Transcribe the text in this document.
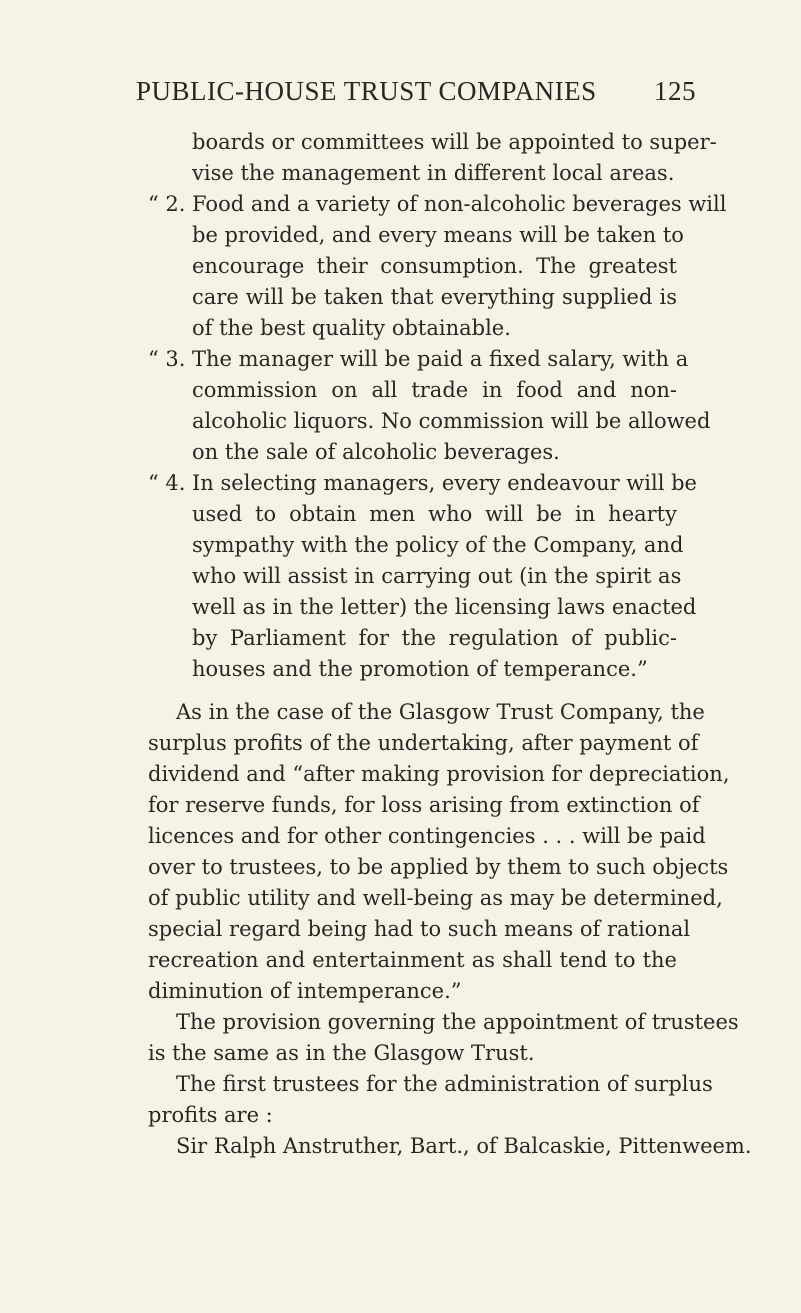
PUBLIC-HOUSE TRUST COMPANIES 125
boards or committees will be appointed to super-
vise the management in different local areas.
“ 2. Food and a variety of non-alcoholic beverages will
be provided, and every means will be taken to
encourage their consumption. The greatest
care will be taken that everything supplied is
of the best quality obtainable.
“ 3. The manager will be paid a fixed salary, with a
commission on all trade in food and non-
alcoholic liquors. No commission will be allowed
on the sale of alcoholic beverages.
“ 4. In selecting managers, every endeavour will be
used to obtain men who will be in hearty
sympathy with the policy of the Company, and
who will assist in carrying out (in the spirit as
well as in the letter) the licensing laws enacted
by Parliament for the regulation of public-
houses and the promotion of temperance.”
As in the case of the Glasgow Trust Company, the
surplus profits of the undertaking, after payment of
dividend and “after making provision for depreciation,
for reserve funds, for loss arising from extinction of
licences and for other contingencies . . . will be paid
over to trustees, to be applied by them to such objects
of public utility and well-being as may be determined,
special regard being had to such means of rational
recreation and entertainment as shall tend to the
diminution of intemperance.”
The provision governing the appointment of trustees
is the same as in the Glasgow Trust.
The first trustees for the administration of surplus
profits are :
Sir Ralph Anstruther, Bart., of Balcaskie, Pittenweem.
